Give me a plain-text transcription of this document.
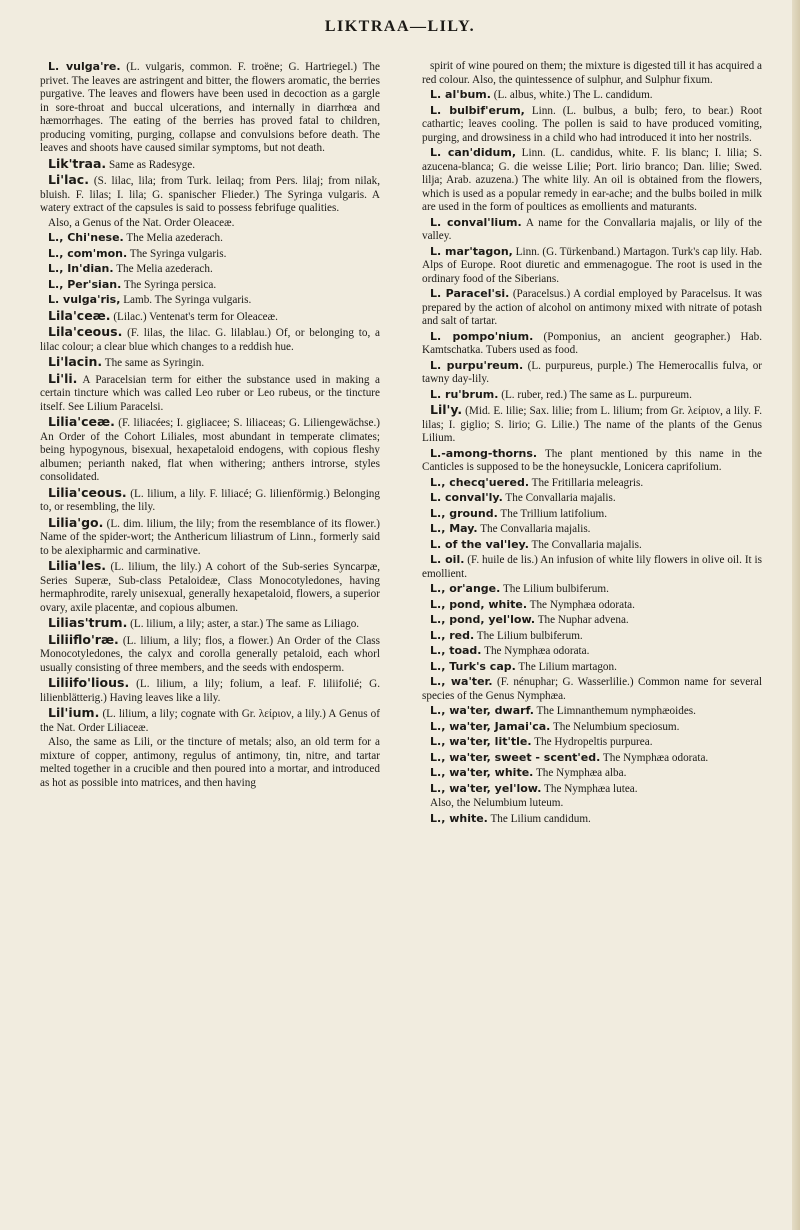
LIKTRAA—LILY.

L. vulga're. (L. vulgaris, common. F. troëne; G. Hartriegel.) The privet. The leaves are astringent and bitter, the flowers aromatic, the berries purgative. The leaves and flowers have been used in decoction as a gargle in sore-throat and buccal ulcerations, and internally in diarrhœa and hæmorrhages. The eating of the berries has proved fatal to children, producing vomiting, purging, collapse and convulsions before death. The leaves and shoots have caused similar symptoms, but not death.

Lik'traa. Same as Radesyge.

Li'lac. (S. lilac, lila; from Turk. leilaq; from Pers. lilaj; from nilak, bluish. F. lilas; I. lila; G. spanischer Flieder.) The Syringa vulgaris. A watery extract of the capsules is said to possess febrifuge qualities.

Also, a Genus of the Nat. Order Oleaceæ.

L., Chi'nese. The Melia azederach.

L., com'mon. The Syringa vulgaris.

L., In'dian. The Melia azederach.

L., Per'sian. The Syringa persica.

L. vulga'ris, Lamb. The Syringa vulgaris.

Lila'ceæ. (Lilac.) Ventenat's term for Oleaceæ.

Lila'ceous. (F. lilas, the lilac. G. lilablau.) Of, or belonging to, a lilac colour; a clear blue which changes to a reddish hue.

Li'lacin. The same as Syringin.

Li'li. A Paracelsian term for either the substance used in making a certain tincture which was called Leo ruber or Leo rubeus, or the tincture itself. See Lilium Paracelsi.

Lilia'ceæ. (F. liliacées; I. gigliacee; S. liliaceas; G. Liliengewächse.) An Order of the Cohort Liliales, most abundant in temperate climates; being hypogynous, bisexual, hexapetaloid endogens, with copious fleshy albumen; perianth naked, flat when withering; anthers introrse, styles consolidated.

Lilia'ceous. (L. lilium, a lily. F. liliacé; G. lilienförmig.) Belonging to, or resembling, the lily.

Lilia'go. (L. dim. lilium, the lily; from the resemblance of its flower.) Name of the spider-wort; the Anthericum liliastrum of Linn., formerly said to be alexipharmic and carminative.

Lilia'les. (L. lilium, the lily.) A cohort of the Sub-series Syncarpæ, Series Superæ, Sub-class Petaloideæ, Class Monocotyledones, having hermaphrodite, rarely unisexual, generally hexapetaloid, flowers, a superior ovary, axile placentæ, and copious albumen.

Lilias'trum. (L. lilium, a lily; aster, a star.) The same as Liliago.

Liliiflo'ræ. (L. lilium, a lily; flos, a flower.) An Order of the Class Monocotyledones, the calyx and corolla generally petaloid, each whorl usually consisting of three members, and the seeds with endosperm.

Liliifo'lious. (L. lilium, a lily; folium, a leaf. F. liliifolié; G. lilienblätterig.) Having leaves like a lily.

Lil'ium. (L. lilium, a lily; cognate with Gr. λείριον, a lily.) A Genus of the Nat. Order Liliaceæ.

Also, the same as Lili, or the tincture of metals; also, an old term for a mixture of copper, antimony, regulus of antimony, tin, nitre, and tartar melted together in a crucible and then poured into a mortar, and introduced as hot as possible into matrices, and then having

spirit of wine poured on them; the mixture is digested till it has acquired a red colour. Also, the quintessence of sulphur, and Sulphur fixum.

L. al'bum. (L. albus, white.) The L. candidum.

L. bulbif'erum, Linn. (L. bulbus, a bulb; fero, to bear.) Root cathartic; leaves cooling. The pollen is said to have produced vomiting, purging, and drowsiness in a child who had introduced it into her nostrils.

L. can'didum, Linn. (L. candidus, white. F. lis blanc; I. lilia; S. azucena-blanca; G. die weisse Lilie; Port. lirio branco; Dan. lilie; Swed. lilja; Arab. azuzena.) The white lily. An oil is obtained from the flowers, which is used as a popular remedy in ear-ache; and the bulbs boiled in milk are used in the form of poultices as emollients and maturants.

L. conval'lium. A name for the Convallaria majalis, or lily of the valley.

L. mar'tagon, Linn. (G. Türkenband.) Martagon. Turk's cap lily. Hab. Alps of Europe. Root diuretic and emmenagogue. The root is used in the ordinary food of the Siberians.

L. Paracel'si. (Paracelsus.) A cordial employed by Paracelsus. It was prepared by the action of alcohol on antimony mixed with nitrate of potash and salt of tartar.

L. pompo'nium. (Pomponius, an ancient geographer.) Hab. Kamtschatka. Tubers used as food.

L. purpu'reum. (L. purpureus, purple.) The Hemerocallis fulva, or tawny day-lily.

L. ru'brum. (L. ruber, red.) The same as L. purpureum.

Lil'y. (Mid. E. lilie; Sax. lilie; from L. lilium; from Gr. λείριον, a lily. F. lilas; I. giglio; S. lirio; G. Lilie.) The name of the plants of the Genus Lilium.

L.-among-thorns. The plant mentioned by this name in the Canticles is supposed to be the honeysuckle, Lonicera caprifolium.

L., checq'uered. The Fritillaria meleagris.

L. conval'ly. The Convallaria majalis.

L., ground. The Trillium latifolium.

L., May. The Convallaria majalis.

L. of the val'ley. The Convallaria majalis.

L. oil. (F. huile de lis.) An infusion of white lily flowers in olive oil. It is emollient.

L., or'ange. The Lilium bulbiferum.

L., pond, white. The Nymphæa odorata.

L., pond, yel'low. The Nuphar advena.

L., red. The Lilium bulbiferum.

L., toad. The Nymphæa odorata.

L., Turk's cap. The Lilium martagon.

L., wa'ter. (F. nénuphar; G. Wasserlilie.) Common name for several species of the Genus Nymphæa.

L., wa'ter, dwarf. The Limnanthemum nymphæoides.

L., wa'ter, Jamai'ca. The Nelumbium speciosum.

L., wa'ter, lit'tle. The Hydropeltis purpurea.

L., wa'ter, sweet - scent'ed. The Nymphæa odorata.

L., wa'ter, white. The Nymphæa alba.

L., wa'ter, yel'low. The Nymphæa lutea.

Also, the Nelumbium luteum.

L., white. The Lilium candidum.
